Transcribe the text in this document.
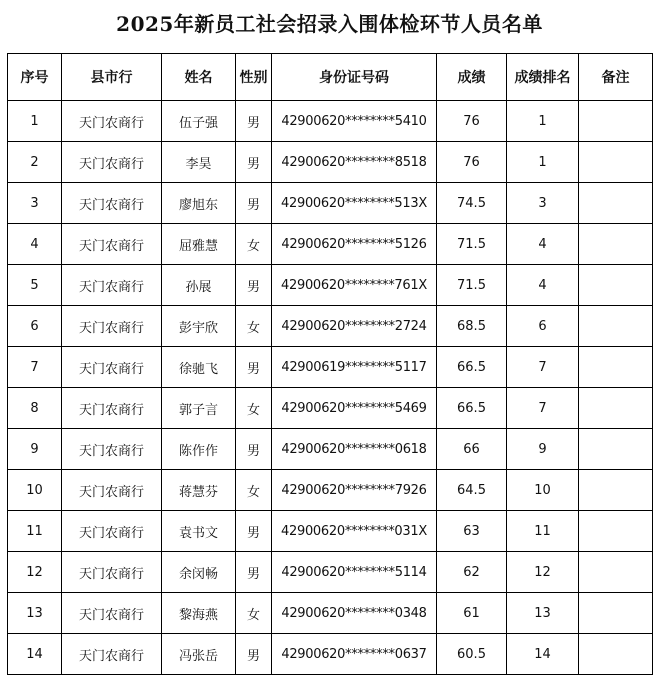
2025年新员工社会招录入围体检环节人员名单
序号	县市行	姓名	性别	身份证号码	成绩	成绩排名	备注
1	天门农商行	伍子强	男	42900620********5410	76	1	
2	天门农商行	李昊	男	42900620********8518	76	1	
3	天门农商行	廖旭东	男	42900620********513X	74.5	3	
4	天门农商行	屈雅慧	女	42900620********5126	71.5	4	
5	天门农商行	孙展	男	42900620********761X	71.5	4	
6	天门农商行	彭宇欣	女	42900620********2724	68.5	6	
7	天门农商行	徐驰飞	男	42900619********5117	66.5	7	
8	天门农商行	郭子言	女	42900620********5469	66.5	7	
9	天门农商行	陈作作	男	42900620********0618	66	9	
10	天门农商行	蒋慧芬	女	42900620********7926	64.5	10	
11	天门农商行	袁书文	男	42900620********031X	63	11	
12	天门农商行	余闵畅	男	42900620********5114	62	12	
13	天门农商行	黎海燕	女	42900620********0348	61	13	
14	天门农商行	冯张岳	男	42900620********0637	60.5	14	
